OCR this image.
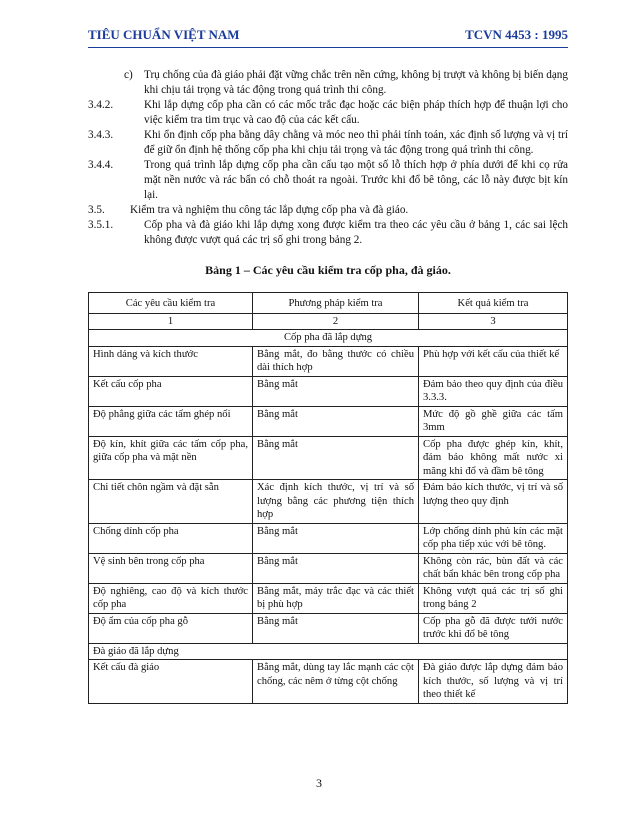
TIÊU CHUẨN VIỆT NAM	TCVN 4453 : 1995
c)	Trụ chống của đà giáo phải đặt vững chắc trên nền cứng, không bị trượt và không bị biến dạng khi chịu tải trọng và tác động trong quá trình thi công.
3.4.2.	Khi lắp dựng cốp pha cần có các mốc trắc đạc hoặc các biện pháp thích hợp để thuận lợi cho việc kiểm tra tim trục và cao độ của các kết cấu.
3.4.3.	Khi ổn định cốp pha bằng dây chằng và móc neo thì phải tính toán, xác định số lượng và vị trí để giữ ổn định hệ thống cốp pha khi chịu tải trọng và tác động trong quá trình thi công.
3.4.4.	Trong quá trình lắp dựng cốp pha cần cấu tạo một số lỗ thích hợp ở phía dưới để khi cọ rửa mặt nền nước và rác bẩn có chỗ thoát ra ngoài. Trước khi đổ bê tông, các lỗ này được bịt kín lại.
3.5.	Kiểm tra và nghiệm thu công tác lắp dựng cốp pha và đà giáo.
3.5.1.	Cốp pha và đà giáo khi lắp dựng xong được kiểm tra theo các yêu cầu ở bảng 1, các sai lệch không được vượt quá các trị số ghi trong bảng 2.
Bảng 1 – Các yêu cầu kiểm tra cốp pha, đà giáo.
Các yêu cầu kiểm tra	Phương pháp kiểm tra	Kết quả kiểm tra
1	2	3
Cốp pha đã lắp dựng		
Hình dáng và kích thước	Bằng mắt, đo bằng thước có chiều dài thích hợp	Phù hợp với kết cấu của thiết kế
Kết cấu cốp pha	Bằng mắt	Đảm bảo theo quy định của điều 3.3.3.
Độ phẳng giữa các tấm ghép nối	Bằng mắt	Mức độ gồ ghề giữa các tấm 3mm
Độ kín, khít giữa các tấm cốp pha, giữa cốp pha và mặt nền	Bằng mắt	Cốp pha được ghép kín, khít, đảm bảo không mất nước xi măng khi đổ và đầm bê tông
Chi tiết chôn ngầm và đặt sẵn	Xác định kích thước, vị trí và số lượng bằng các phương tiện thích hợp	Đảm bảo kích thước, vị trí và số lượng theo quy định
Chống dính cốp pha	Bằng mắt	Lớp chống dính phủ kín các mặt cốp pha tiếp xúc với bê tông.
Vệ sinh bên trong cốp pha	Bằng mắt	Không còn rác, bùn đất và các chất bẩn khác bên trong cốp pha
Độ nghiêng, cao độ và kích thước cốp pha	Bằng mắt, máy trắc đạc và các thiết bị phù hợp	Không vượt quá các trị số ghi trong bảng 2
Độ ẩm của cốp pha gỗ	Bằng mắt	Cốp pha gỗ đã được tưới nước trước khi đổ bê tông
Đà giáo đã lắp dựng		
Kết cấu đà giáo	Bằng mắt, dùng tay lắc mạnh các cột chống, các nêm ở từng cột chống	Đà giáo được lắp dựng đảm bảo kích thước, số lượng và vị trí theo thiết kế
3
